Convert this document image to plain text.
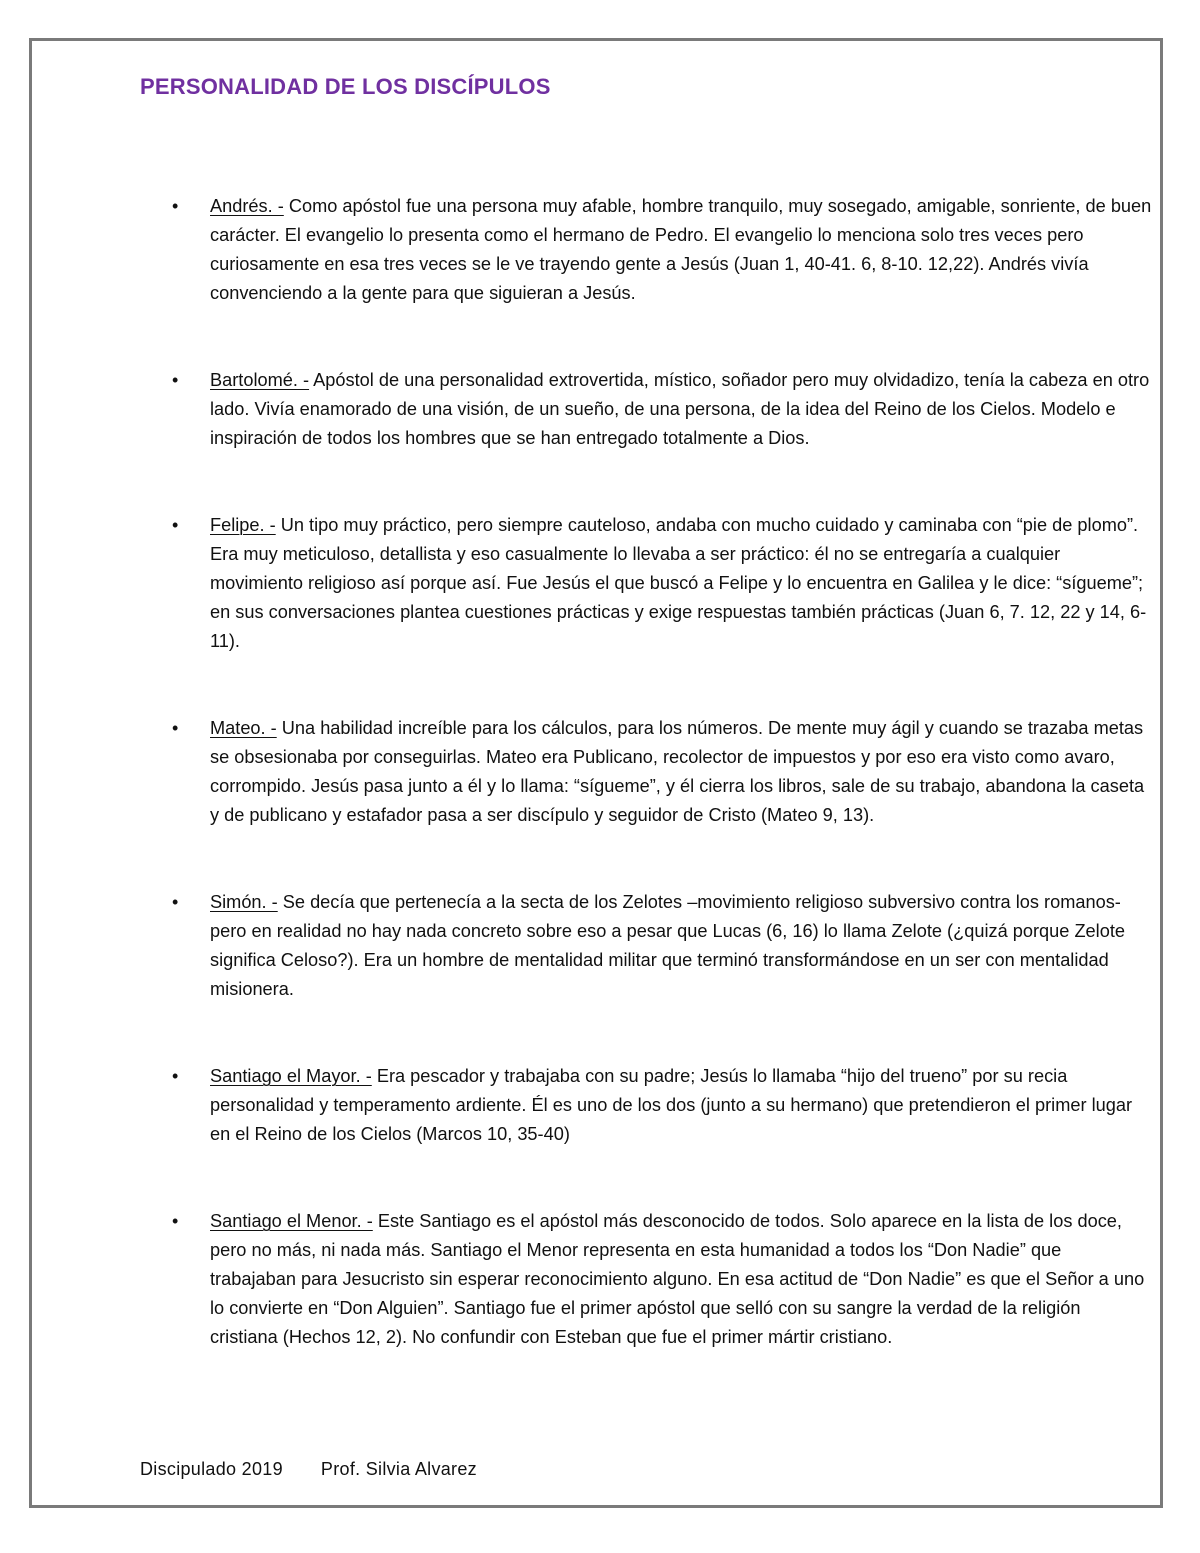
PERSONALIDAD DE LOS DISCÍPULOS
• Andrés. - Como apóstol fue una persona muy afable, hombre tranquilo, muy sosegado, amigable, sonriente, de buen carácter. El evangelio lo presenta como el hermano de Pedro. El evangelio lo menciona solo tres veces pero curiosamente en esa tres veces se le ve trayendo gente a Jesús (Juan 1, 40-41. 6, 8-10. 12,22). Andrés vivía convenciendo a la gente para que siguieran a Jesús.
• Bartolomé. - Apóstol de una personalidad extrovertida, místico, soñador pero muy olvidadizo, tenía la cabeza en otro lado. Vivía enamorado de una visión, de un sueño, de una persona, de la idea del Reino de los Cielos. Modelo e inspiración de todos los hombres que se han entregado totalmente a Dios.
• Felipe. - Un tipo muy práctico, pero siempre cauteloso, andaba con mucho cuidado y caminaba con “pie de plomo”. Era muy meticuloso, detallista y eso casualmente lo llevaba a ser práctico: él no se entregaría a cualquier movimiento religioso así porque así. Fue Jesús el que buscó a Felipe y lo encuentra en Galilea y le dice: “sígueme”; en sus conversaciones plantea cuestiones prácticas y exige respuestas también prácticas (Juan 6, 7. 12, 22 y 14, 6-11).
• Mateo. - Una habilidad increíble para los cálculos, para los números. De mente muy ágil y cuando se trazaba metas se obsesionaba por conseguirlas. Mateo era Publicano, recolector de impuestos y por eso era visto como avaro, corrompido. Jesús pasa junto a él y lo llama: “sígueme”, y él cierra los libros, sale de su trabajo, abandona la caseta y de publicano y estafador pasa a ser discípulo y seguidor de Cristo (Mateo 9, 13).
• Simón. - Se decía que pertenecía a la secta de los Zelotes –movimiento religioso subversivo contra los romanos- pero en realidad no hay nada concreto sobre eso a pesar que Lucas (6, 16) lo llama Zelote (¿quizá porque Zelote significa Celoso?). Era un hombre de mentalidad militar que terminó transformándose en un ser con mentalidad misionera.
• Santiago el Mayor. - Era pescador y trabajaba con su padre; Jesús lo llamaba “hijo del trueno” por su recia personalidad y temperamento ardiente. Él es uno de los dos (junto a su hermano) que pretendieron el primer lugar en el Reino de los Cielos (Marcos 10, 35-40)
• Santiago el Menor. - Este Santiago es el apóstol más desconocido de todos. Solo aparece en la lista de los doce, pero no más, ni nada más. Santiago el Menor representa en esta humanidad a todos los “Don Nadie” que trabajaban para Jesucristo sin esperar reconocimiento alguno. En esa actitud de “Don Nadie” es que el Señor a uno lo convierte en “Don Alguien”. Santiago fue el primer apóstol que selló con su sangre la verdad de la religión cristiana (Hechos 12, 2). No confundir con Esteban que fue el primer mártir cristiano.
Discipulado 2019 Prof. Silvia Alvarez
